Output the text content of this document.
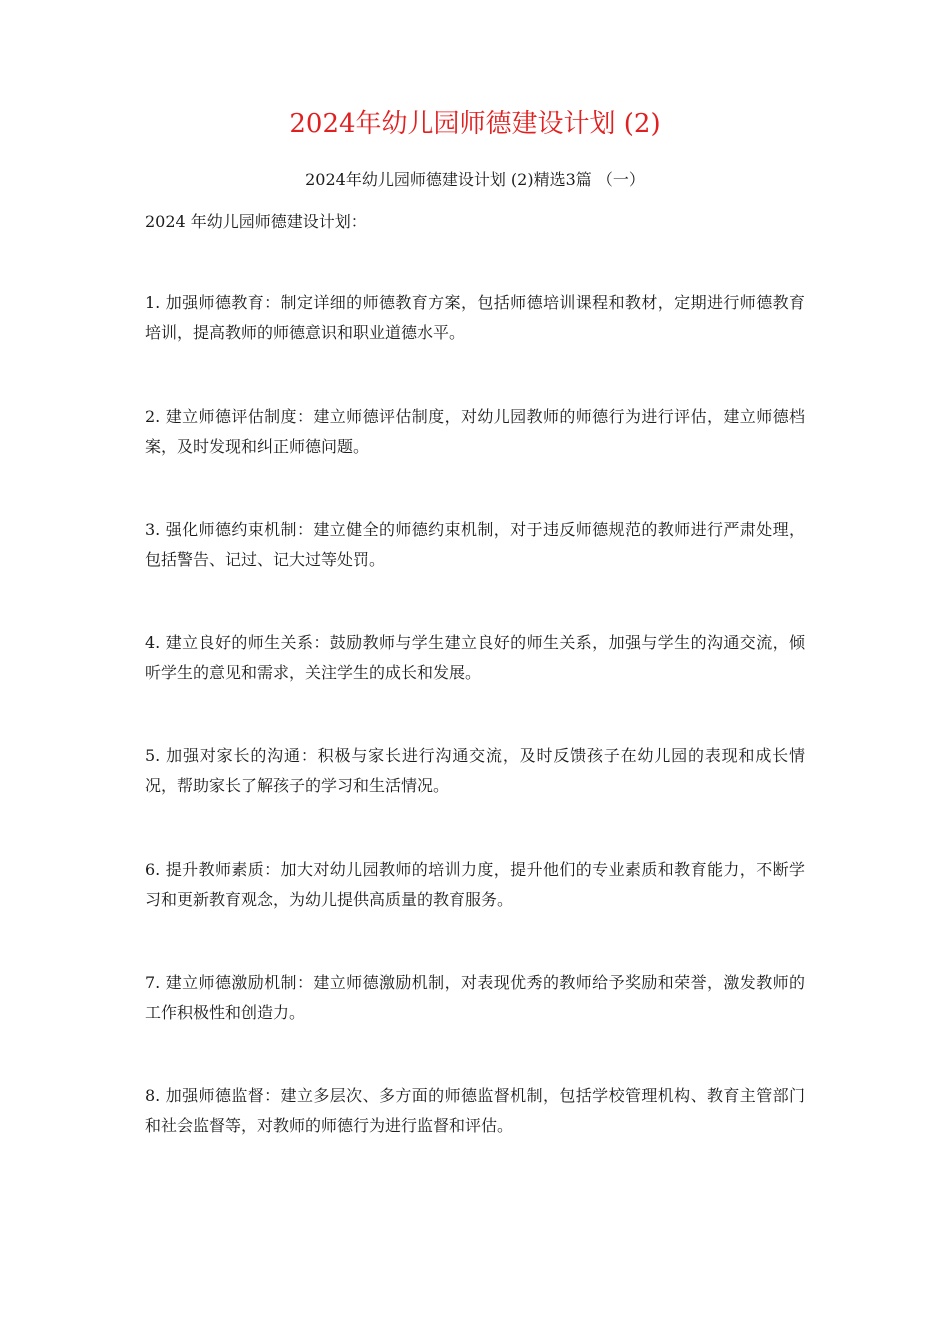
2024年幼儿园师德建设计划 (2)

2024年幼儿园师德建设计划 (2)精选3篇 （一）

2024 年幼儿园师德建设计划：

1. 加强师德教育：制定详细的师德教育方案，包括师德培训课程和教材，定期进行师德教育培训，提高教师的师德意识和职业道德水平。

2. 建立师德评估制度：建立师德评估制度，对幼儿园教师的师德行为进行评估，建立师德档案，及时发现和纠正师德问题。

3. 强化师德约束机制：建立健全的师德约束机制，对于违反师德规范的教师进行严肃处理，包括警告、记过、记大过等处罚。

4. 建立良好的师生关系：鼓励教师与学生建立良好的师生关系，加强与学生的沟通交流，倾听学生的意见和需求，关注学生的成长和发展。

5. 加强对家长的沟通：积极与家长进行沟通交流，及时反馈孩子在幼儿园的表现和成长情况，帮助家长了解孩子的学习和生活情况。

6. 提升教师素质：加大对幼儿园教师的培训力度，提升他们的专业素质和教育能力，不断学习和更新教育观念，为幼儿提供高质量的教育服务。

7. 建立师德激励机制：建立师德激励机制，对表现优秀的教师给予奖励和荣誉，激发教师的工作积极性和创造力。

8. 加强师德监督：建立多层次、多方面的师德监督机制，包括学校管理机构、教育主管部门和社会监督等，对教师的师德行为进行监督和评估。
